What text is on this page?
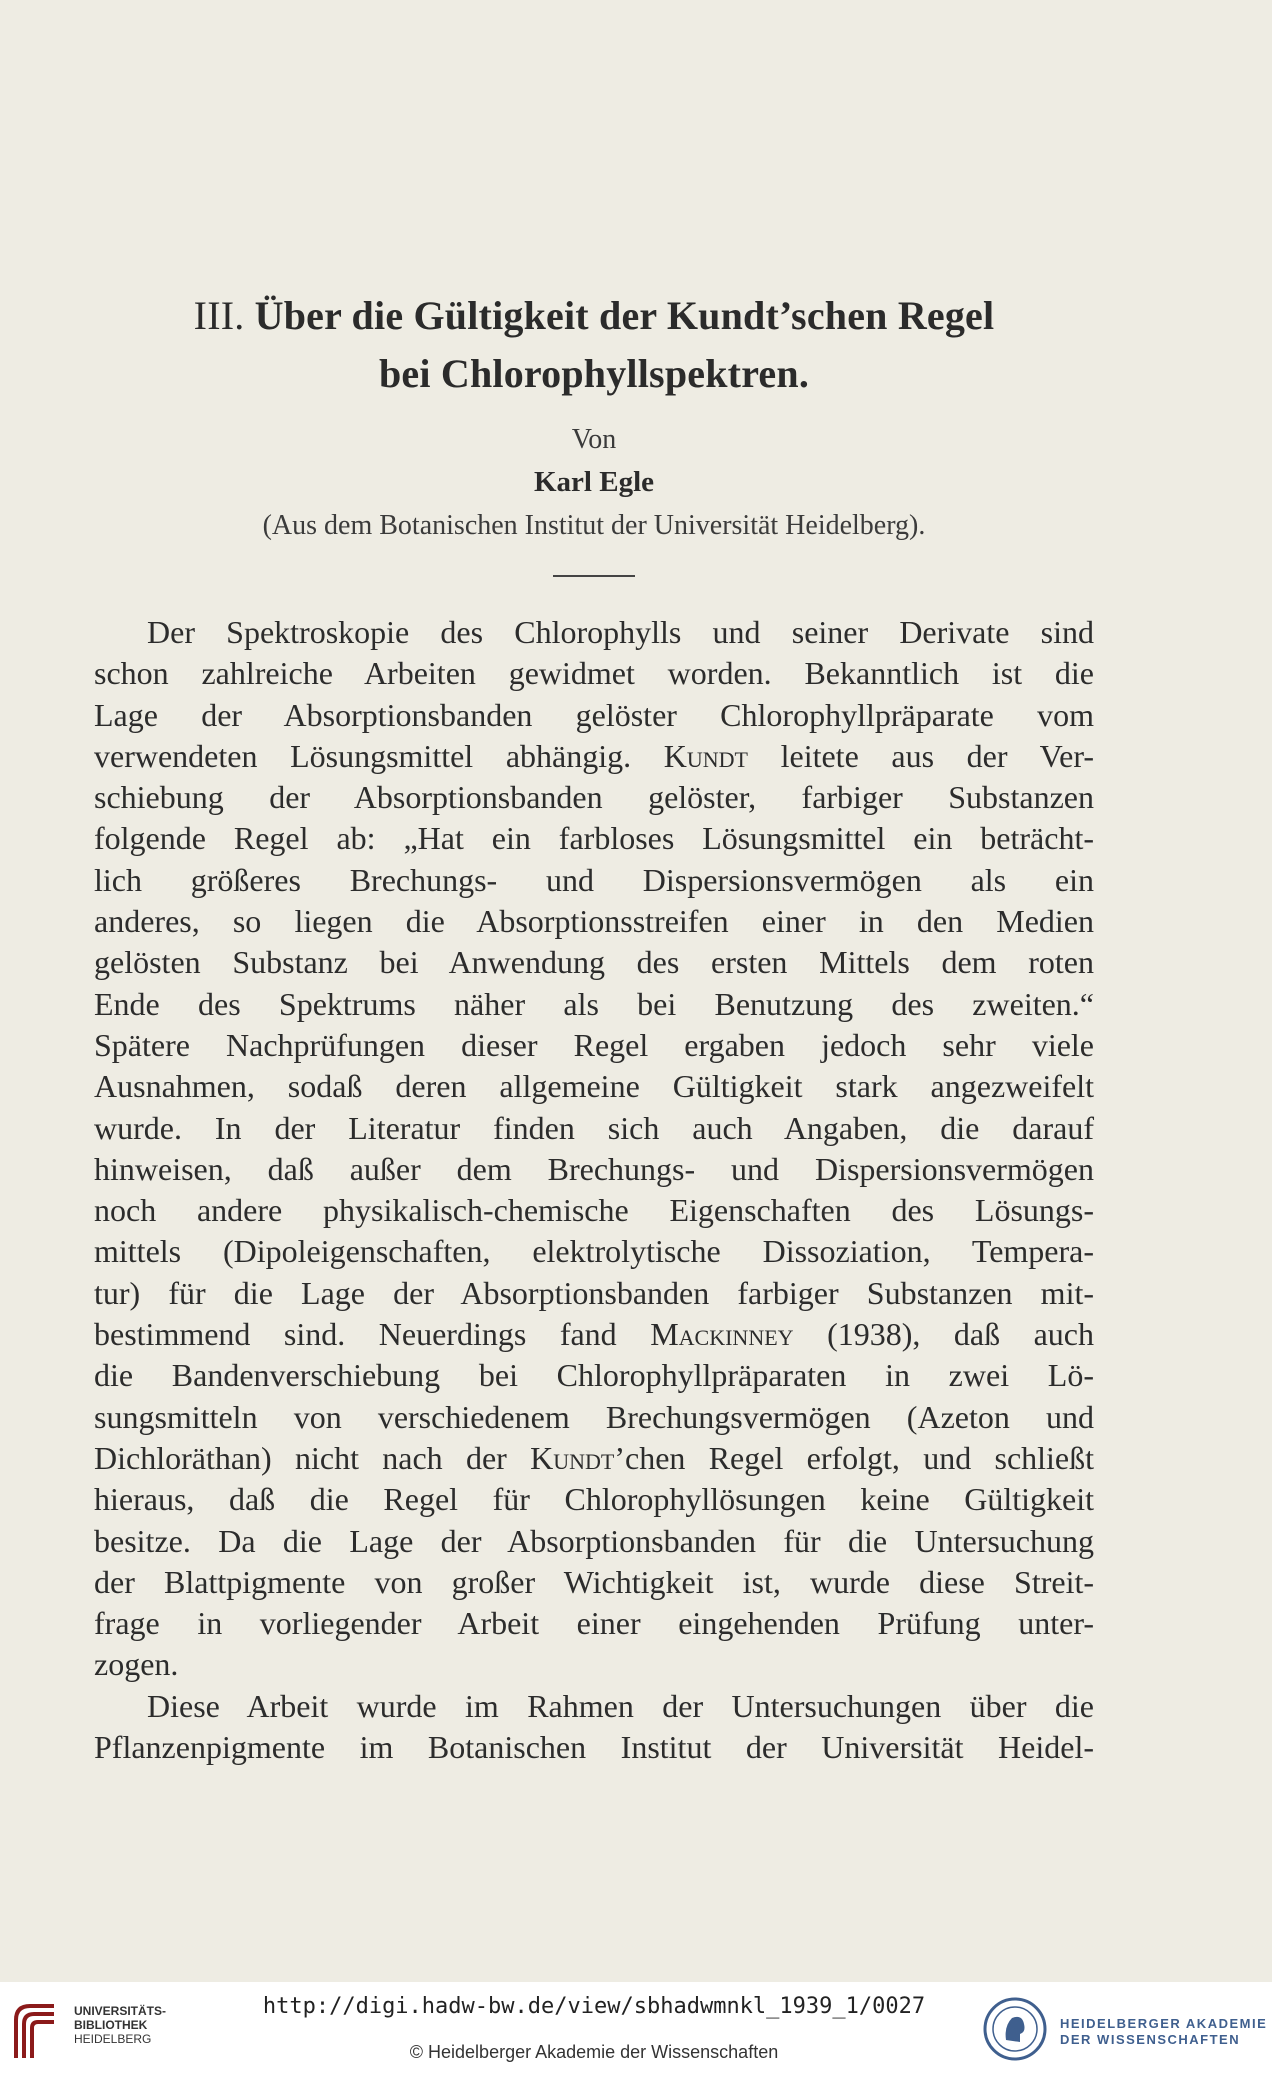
III. Über die Gültigkeit der Kundt’schen Regel
bei Chlorophyllspektren.
Von
Karl Egle
(Aus dem Botanischen Institut der Universität Heidelberg).
Der Spektroskopie des Chlorophylls und seiner Derivate sind
schon zahlreiche Arbeiten gewidmet worden. Bekanntlich ist die
Lage der Absorptionsbanden gelöster Chlorophyllpräparate vom
verwendeten Lösungsmittel abhängig. Kundt leitete aus der Ver-
schiebung der Absorptionsbanden gelöster, farbiger Substanzen
folgende Regel ab: „Hat ein farbloses Lösungsmittel ein beträcht-
lich größeres Brechungs- und Dispersionsvermögen als ein
anderes, so liegen die Absorptionsstreifen einer in den Medien
gelösten Substanz bei Anwendung des ersten Mittels dem roten
Ende des Spektrums näher als bei Benutzung des zweiten.“
Spätere Nachprüfungen dieser Regel ergaben jedoch sehr viele
Ausnahmen, sodaß deren allgemeine Gültigkeit stark angezweifelt
wurde. In der Literatur finden sich auch Angaben, die darauf
hinweisen, daß außer dem Brechungs- und Dispersionsvermögen
noch andere physikalisch-chemische Eigenschaften des Lösungs-
mittels (Dipoleigenschaften, elektrolytische Dissoziation, Tempera-
tur) für die Lage der Absorptionsbanden farbiger Substanzen mit-
bestimmend sind. Neuerdings fand Mackinney (1938), daß auch
die Bandenverschiebung bei Chlorophyllpräparaten in zwei Lö-
sungsmitteln von verschiedenem Brechungsvermögen (Azeton und
Dichloräthan) nicht nach der Kundt’chen Regel erfolgt, und schließt
hieraus, daß die Regel für Chlorophyllösungen keine Gültigkeit
besitze. Da die Lage der Absorptionsbanden für die Untersuchung
der Blattpigmente von großer Wichtigkeit ist, wurde diese Streit-
frage in vorliegender Arbeit einer eingehenden Prüfung unter-
zogen.
Diese Arbeit wurde im Rahmen der Untersuchungen über die
Pflanzenpigmente im Botanischen Institut der Universität Heidel-
UNIVERSITÄTS-
BIBLIOTHEK
HEIDELBERG
http://digi.hadw-bw.de/view/sbhadwmnkl_1939_1/0027
© Heidelberger Akademie der Wissenschaften
HEIDELBERGER AKADEMIE
DER WISSENSCHAFTEN
